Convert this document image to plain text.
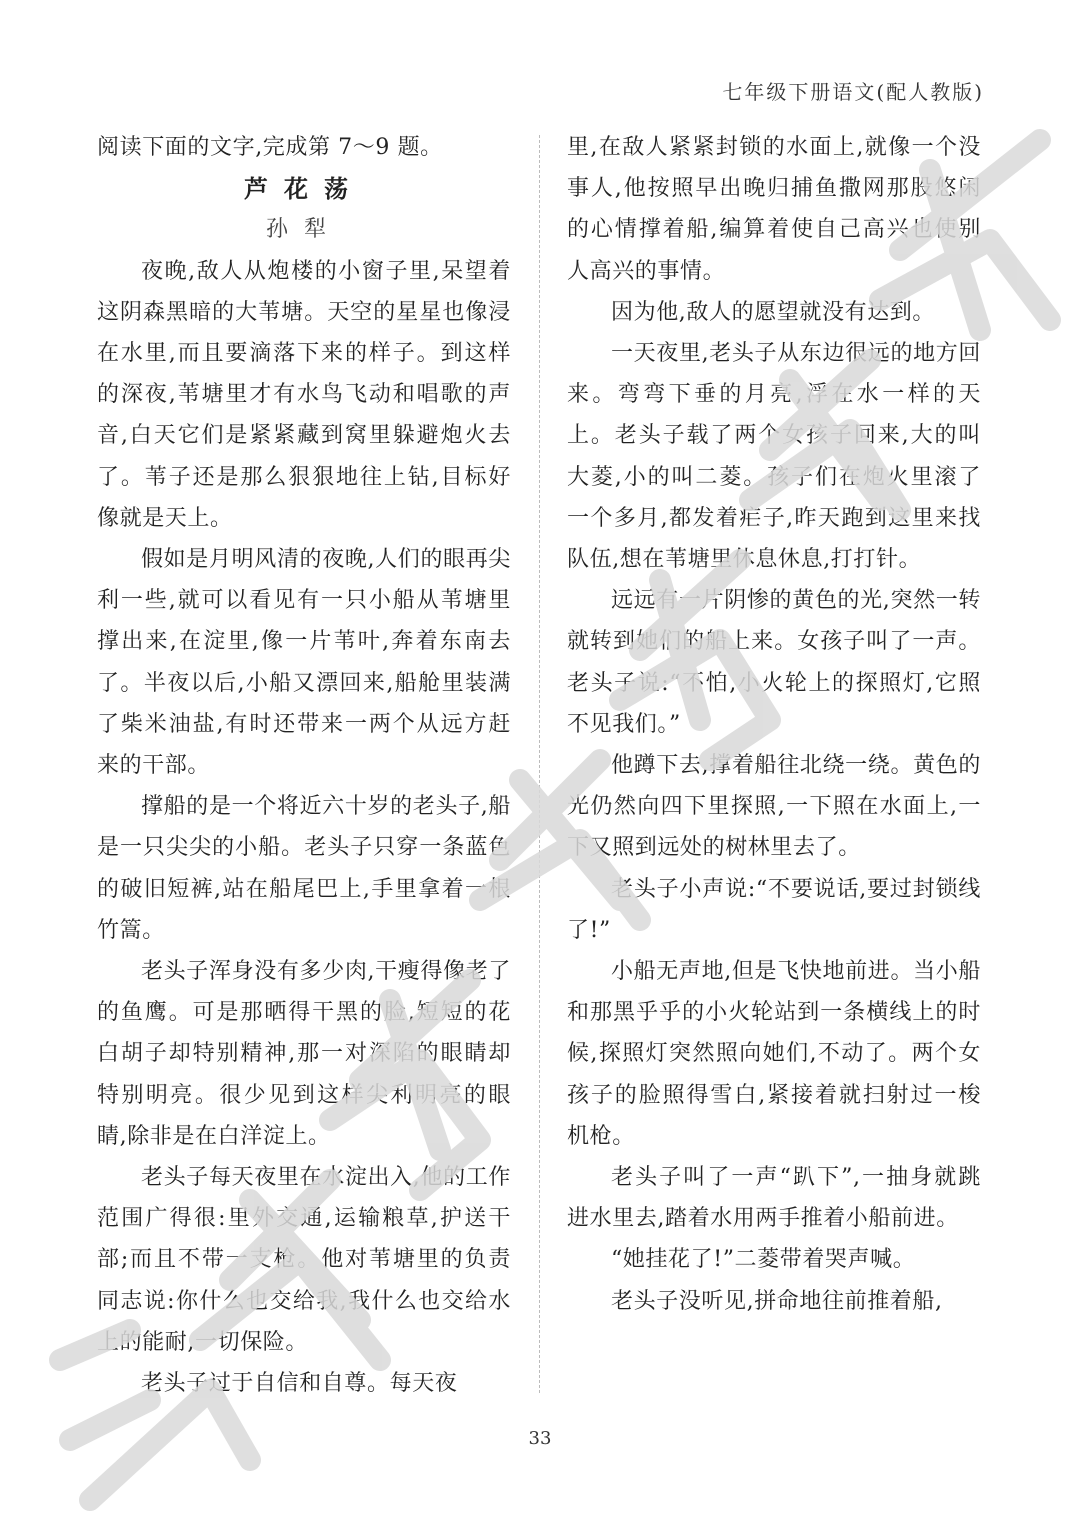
七年级下册语文(配人教版)

阅读下面的文字,完成第 7～9 题。

芦花荡

孙犁

夜晚,敌人从炮楼的小窗子里,呆望着这阴森黑暗的大苇塘。天空的星星也像浸在水里,而且要滴落下来的样子。到这样的深夜,苇塘里才有水鸟飞动和唱歌的声音,白天它们是紧紧藏到窝里躲避炮火去了。苇子还是那么狠狠地往上钻,目标好像就是天上。

假如是月明风清的夜晚,人们的眼再尖利一些,就可以看见有一只小船从苇塘里撑出来,在淀里,像一片苇叶,奔着东南去了。半夜以后,小船又漂回来,船舱里装满了柴米油盐,有时还带来一两个从远方赶来的干部。

撑船的是一个将近六十岁的老头子,船是一只尖尖的小船。老头子只穿一条蓝色的破旧短裤,站在船尾巴上,手里拿着一根竹篙。

老头子浑身没有多少肉,干瘦得像老了的鱼鹰。可是那晒得干黑的脸,短短的花白胡子却特别精神,那一对深陷的眼睛却特别明亮。很少见到这样尖利明亮的眼睛,除非是在白洋淀上。

老头子每天夜里在水淀出入,他的工作范围广得很:里外交通,运输粮草,护送干部;而且不带一支枪。他对苇塘里的负责同志说:你什么也交给我,我什么也交给水上的能耐,一切保险。

老头子过于自信和自尊。每天夜

里,在敌人紧紧封锁的水面上,就像一个没事人,他按照早出晚归捕鱼撒网那股悠闲的心情撑着船,编算着使自己高兴也使别人高兴的事情。

因为他,敌人的愿望就没有达到。

一天夜里,老头子从东边很远的地方回来。弯弯下垂的月亮,浮在水一样的天上。老头子载了两个女孩子回来,大的叫大菱,小的叫二菱。孩子们在炮火里滚了一个多月,都发着疟子,昨天跑到这里来找队伍,想在苇塘里休息休息,打打针。

远远有一片阴惨的黄色的光,突然一转就转到她们的船上来。女孩子叫了一声。老头子说:“不怕,小火轮上的探照灯,它照不见我们。”

他蹲下去,撑着船往北绕一绕。黄色的光仍然向四下里探照,一下照在水面上,一下又照到远处的树林里去了。

老头子小声说:“不要说话,要过封锁线了!”

小船无声地,但是飞快地前进。当小船和那黑乎乎的小火轮站到一条横线上的时候,探照灯突然照向她们,不动了。两个女孩子的脸照得雪白,紧接着就扫射过一梭机枪。

老头子叫了一声“趴下”,一抽身就跳进水里去,踏着水用两手推着小船前进。

“她挂花了!”二菱带着哭声喊。

老头子没听见,拼命地往前推着船,

33
